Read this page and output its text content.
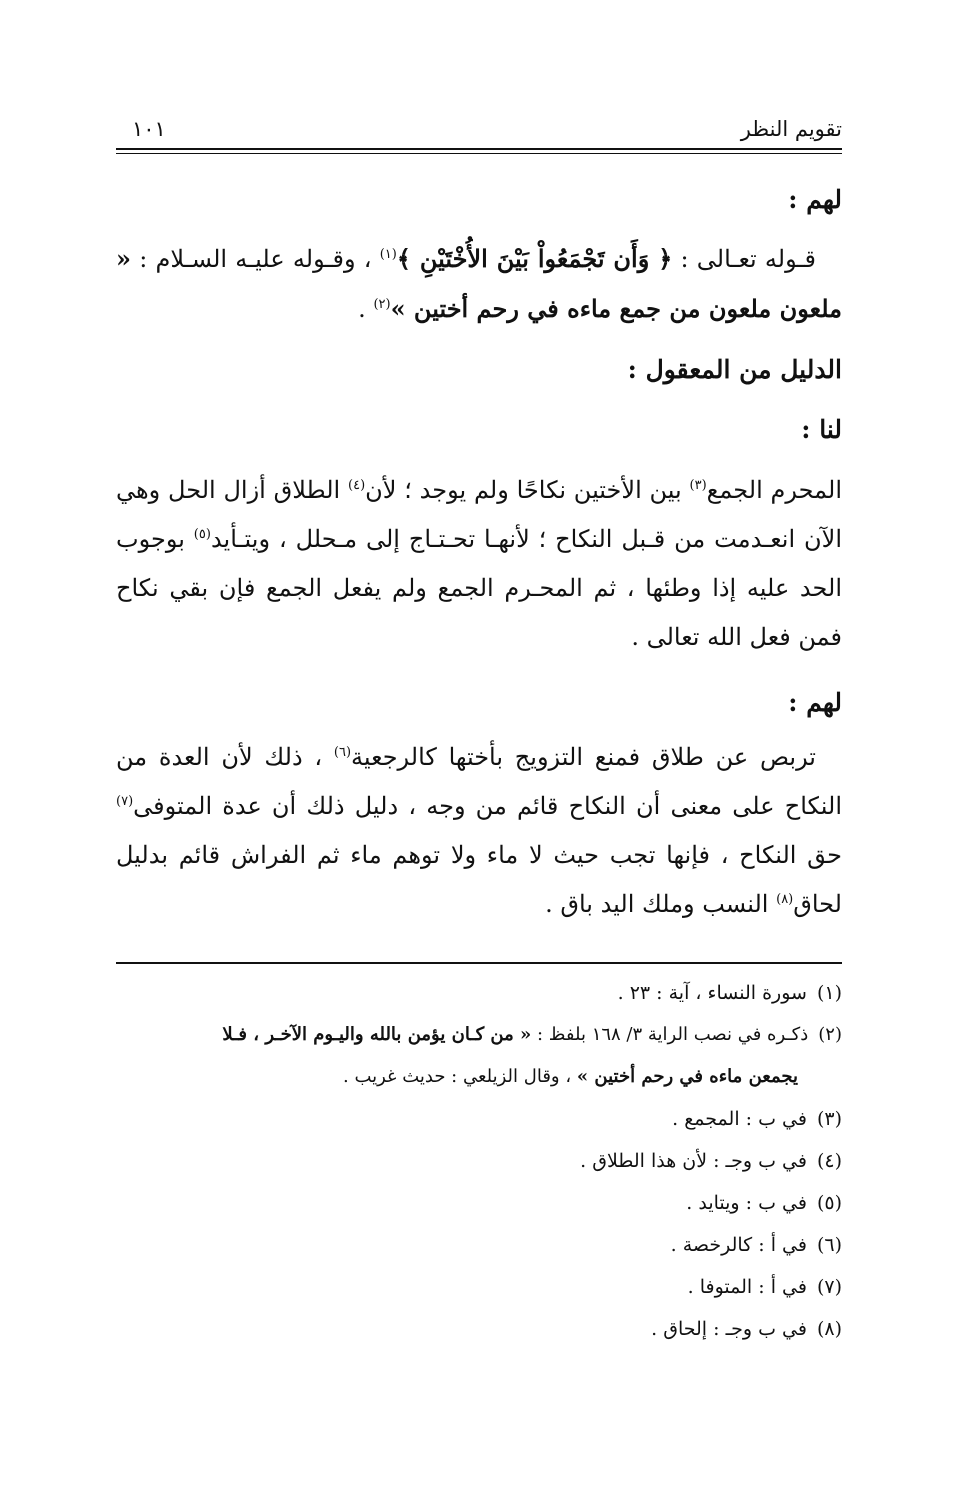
تقويم النظر
١٠١
لهم :
قـوله تعـالى : ﴿ وَأَن تَجْمَعُواْ بَيْنَ الأُخْتَيْنِ ﴾$^{(١)}$ ، وقـوله عليـه السـلام : « ملعون ملعون من جمع ماءه في رحم أختين »$^{(٢)}$ .
الدليل من المعقول :
لنا :
المحرم الجمع$^{(٣)}$ بين الأختين نكاحًا ولم يوجد ؛ لأن$^{(٤)}$ الطلاق أزال الحل وهي الآن انعـدمت من قـبل النكاح ؛ لأنهـا تحـتـاج إلى مـحلل ، ويتـأيد$^{(٥)}$ بوجوب الحد عليه إذا وطئها ، ثم المحـرم الجمع ولم يفعل الجمع فإن بقي نكاح فمن فعل الله تعالى .
لهم :
تربص عن طلاق فمنع التزويج بأختها كالرجعية$^{(٦)}$ ، ذلك لأن العدة من النكاح على معنى أن النكاح قائم من وجه ، دليل ذلك أن عدة المتوفى$^{(٧)}$ حق النكاح ، فإنها تجب حيث لا ماء ولا توهم ماء ثم الفراش قائم بدليل لحاق$^{(٨)}$ النسب وملك اليد باق .
(١)سورة النساء ، آية : ٢٣ .
(٢)ذكـره في نصب الراية ٣/ ١٦٨ بلفظ : « من كـان يؤمن بالله واليـوم الآخـر ، فـلا
يجمعن ماءه في رحم أختين » ، وقال الزيلعي : حديث غريب .
(٣)في ب : المجمع .
(٤)في ب وجـ : لأن هذا الطلاق .
(٥)في ب : ويتايد .
(٦)في أ : كالرخصة .
(٧)في أ : المتوفا .
(٨)في ب وجـ : إلحاق .
